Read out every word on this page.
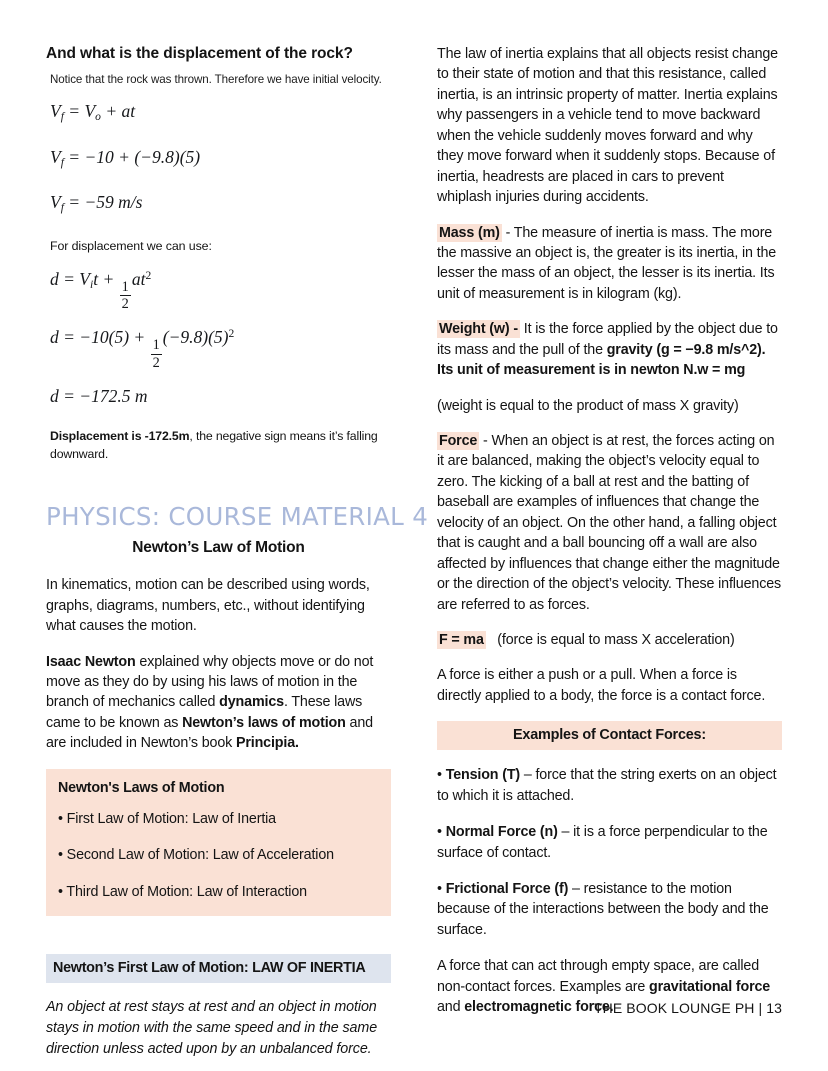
And what is the displacement of the rock?
Notice that the rock was thrown. Therefore we have initial velocity.
$V_f = V_o$ + at
$V_f = -10 + (-9.8)(5)$
$V_f = -59$ m/s
For displacement we can use:
$d = V_it$ +
$\frac{1}{2}$
$at^2$
d = −10(5) +
$\frac{1}{2}$
$(-9.8)(5)^2$
d = −172.5 m
Displacement is -172.5m, the negative sign means it’s falling downward.
PHYSICS: COURSE MATERIAL 4
Newton’s Law of Motion
In kinematics, motion can be described using words, graphs, diagrams, numbers, etc., without identifying what causes the motion.
Isaac Newton explained why objects move or do not move as they do by using his laws of motion in the branch of mechanics called dynamics. These laws came to be known as Newton’s laws of motion and are included in Newton’s book Principia.
Newton's Laws of Motion
• First Law of Motion: Law of Inertia
• Second Law of Motion: Law of Acceleration
• Third Law of Motion: Law of Interaction
Newton’s First Law of Motion: LAW OF INERTIA
An object at rest stays at rest and an object in motion stays in motion with the same speed and in the same direction unless acted upon by an unbalanced force.
The law of inertia explains that all objects resist change to their state of motion and that this resistance, called inertia, is an intrinsic property of matter. Inertia explains why passengers in a vehicle tend to move backward when the vehicle suddenly moves forward and why they move forward when it suddenly stops. Because of inertia, headrests are placed in cars to prevent whiplash injuries during accidents.
Mass (m) - The measure of inertia is mass. The more the massive an object is, the greater is its inertia, in the lesser the mass of an object, the lesser is its inertia. Its unit of measurement is in kilogram (kg).
Weight (w) - It is the force applied by the object due to its mass and the pull of the gravity (g = −9.8 m/s^2). Its unit of measurement is in newton N.w = mg
(weight is equal to the product of mass X gravity)
Force - When an object is at rest, the forces acting on it are balanced, making the object’s velocity equal to zero. The kicking of a ball at rest and the batting of baseball are examples of influences that change the velocity of an object. On the other hand, a falling object that is caught and a ball bouncing off a wall are also affected by influences that change either the magnitude or the direction of the object’s velocity. These influences are referred to as forces.
F = ma (force is equal to mass X acceleration)
A force is either a push or a pull. When a force is directly applied to a body, the force is a contact force.
Examples of Contact Forces:
• Tension (T) – force that the string exerts on an object to which it is attached.
• Normal Force (n) – it is a force perpendicular to the surface of contact.
• Frictional Force (f) – resistance to the motion because of the interactions between the body and the surface.
A force that can act through empty space, are called non-contact forces. Examples are gravitational force and electromagnetic force.
THE BOOK LOUNGE PH | 13
